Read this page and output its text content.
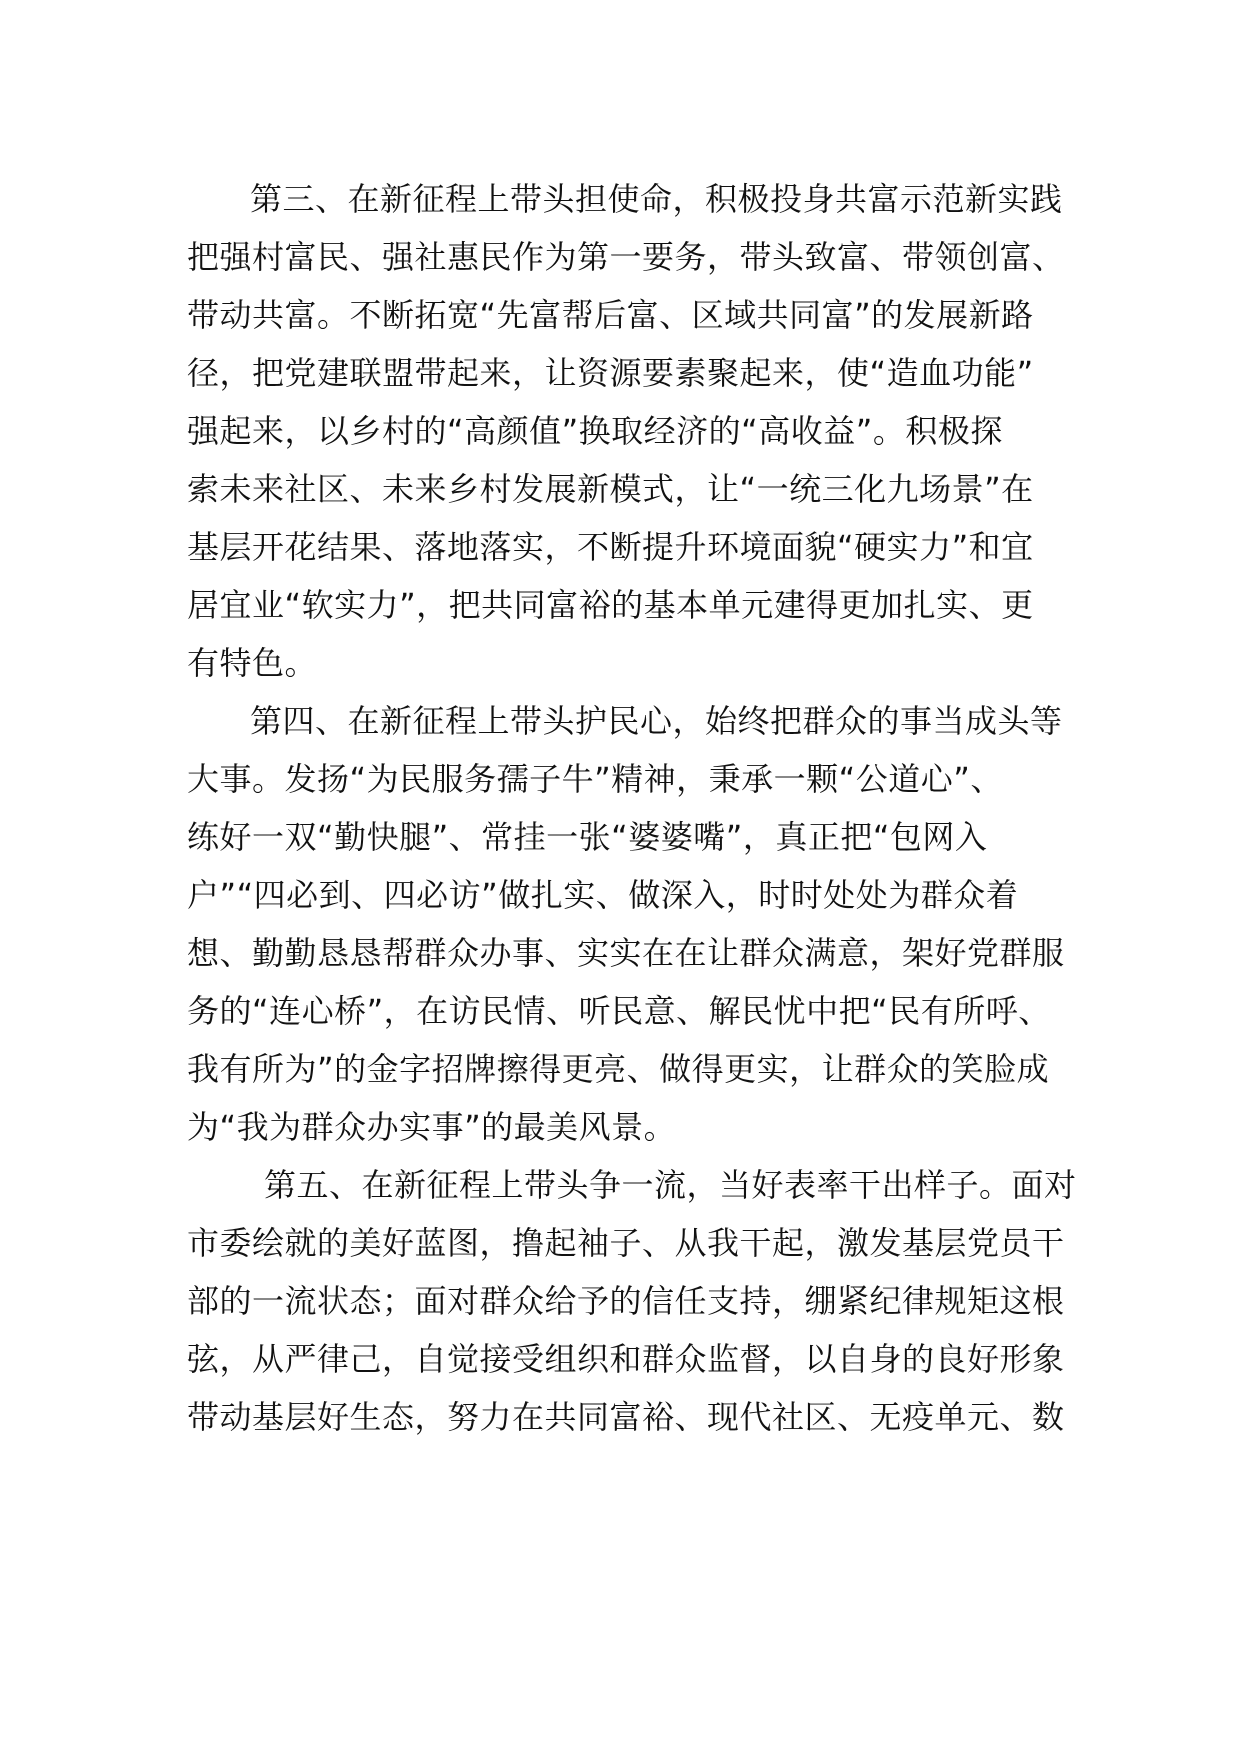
第三、在新征程上带头担使命，积极投身共富示范新实践
把强村富民、强社惠民作为第一要务，带头致富、带领创富、
带动共富。不断拓宽“先富帮后富、区域共同富”的发展新路
径，把党建联盟带起来，让资源要素聚起来，使“造血功能”
强起来，以乡村的“高颜值”换取经济的“高收益”。积极探
索未来社区、未来乡村发展新模式，让“一统三化九场景”在
基层开花结果、落地落实，不断提升环境面貌“硬实力”和宜
居宜业“软实力”，把共同富裕的基本单元建得更加扎实、更
有特色。
第四、在新征程上带头护民心，始终把群众的事当成头等
大事。发扬“为民服务孺子牛”精神，秉承一颗“公道心”、
练好一双“勤快腿”、常挂一张“婆婆嘴”，真正把“包网入
户”“四必到、四必访”做扎实、做深入，时时处处为群众着
想、勤勤恳恳帮群众办事、实实在在让群众满意，架好党群服
务的“连心桥”，在访民情、听民意、解民忧中把“民有所呼、
我有所为”的金字招牌擦得更亮、做得更实，让群众的笑脸成
为“我为群众办实事”的最美风景。
第五、在新征程上带头争一流，当好表率干出样子。面对
市委绘就的美好蓝图，撸起袖子、从我干起，激发基层党员干
部的一流状态；面对群众给予的信任支持，绷紧纪律规矩这根
弦，从严律己，自觉接受组织和群众监督，以自身的良好形象
带动基层好生态，努力在共同富裕、现代社区、无疫单元、数
